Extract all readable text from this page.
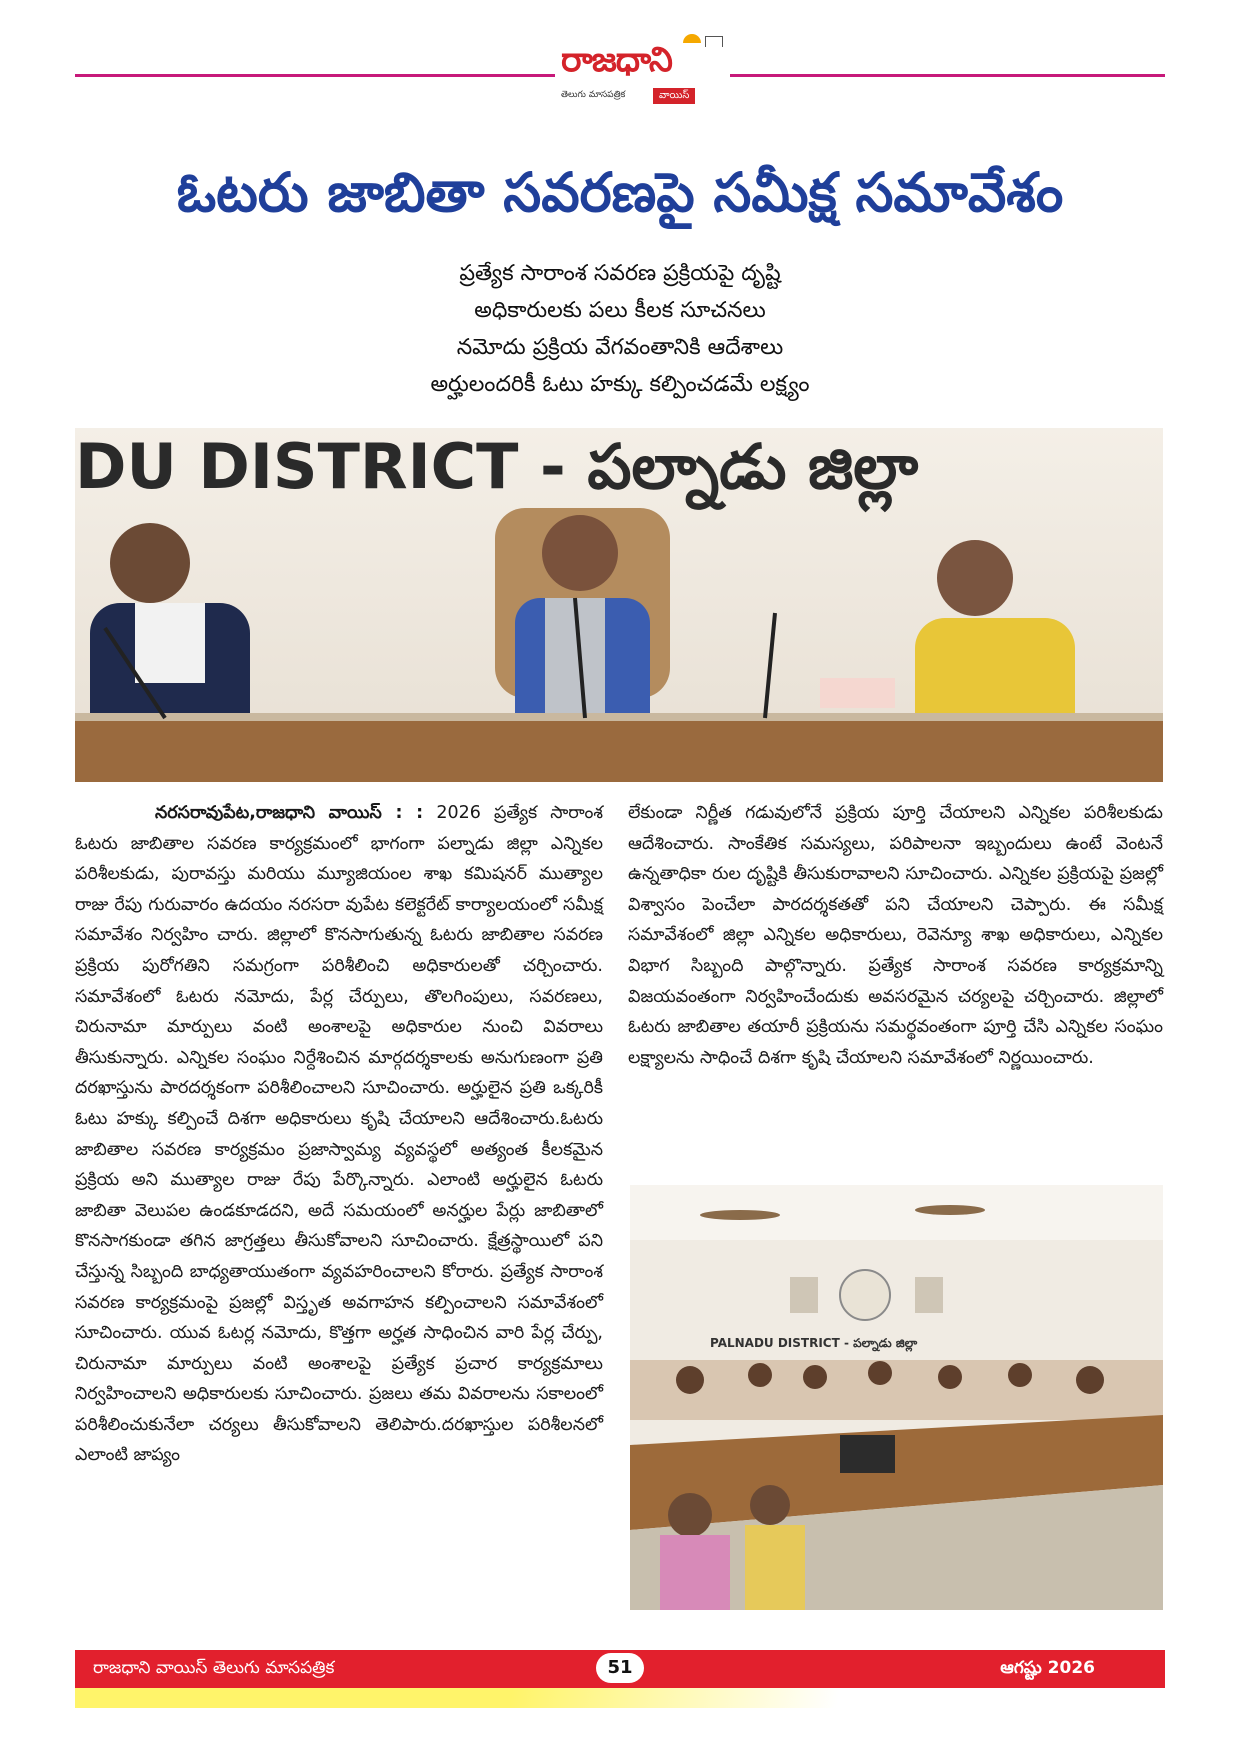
రాజధాని
తెలుగు మాసపత్రిక	వాయిస్
ఓటరు జాబితా సవరణపై సమీక్ష సమావేశం
ప్రత్యేక సారాంశ సవరణ ప్రక్రియపై దృష్టి
అధికారులకు పలు కీలక సూచనలు
నమోదు ప్రక్రియ వేగవంతానికి ఆదేశాలు
అర్హులందరికీ ఓటు హక్కు కల్పించడమే లక్ష్యం
DU DISTRICT - పల్నాడు జిల్లా
నరసరావుపేట,రాజధాని వాయిస్ : : 2026 ప్రత్యేక సారాంశ ఓటరు జాబితాల సవరణ కార్యక్రమంలో భాగంగా పల్నాడు జిల్లా ఎన్నికల పరిశీలకుడు, పురావస్తు మరియు మ్యూజియంల శాఖ కమిషనర్ ముత్యాల రాజు రేపు గురువారం ఉదయం నరసరా వుపేట కలెక్టరేట్ కార్యాలయంలో సమీక్ష సమావేశం నిర్వహిం చారు. జిల్లాలో కొనసాగుతున్న ఓటరు జాబితాల సవరణ ప్రక్రియ పురోగతిని సమగ్రంగా పరిశీలించి అధికారులతో చర్చించారు. సమావేశంలో ఓటరు నమోదు, పేర్ల చేర్పులు, తొలగింపులు, సవరణలు, చిరునామా మార్పులు వంటి అంశాలపై అధికారుల నుంచి వివరాలు తీసుకున్నారు. ఎన్నికల సంఘం నిర్దేశించిన మార్గదర్శకాలకు అనుగుణంగా ప్రతి దరఖాస్తును పారదర్శకంగా పరిశీలించాలని సూచించారు. అర్హులైన ప్రతి ఒక్కరికీ ఓటు హక్కు కల్పించే దిశగా అధికారులు కృషి చేయాలని ఆదేశించారు.ఓటరు జాబితాల సవరణ కార్యక్రమం ప్రజాస్వామ్య వ్యవస్థలో అత్యంత కీలకమైన ప్రక్రియ అని ముత్యాల రాజు రేపు పేర్కొన్నారు. ఎలాంటి అర్హులైన ఓటరు జాబితా వెలుపల ఉండకూడదని, అదే సమయంలో అనర్హుల పేర్లు జాబితాలో కొనసాగకుండా తగిన జాగ్రత్తలు తీసుకోవాలని సూచించారు. క్షేత్రస్థాయిలో పని చేస్తున్న సిబ్బంది బాధ్యతాయుతంగా వ్యవహరించాలని కోరారు. ప్రత్యేక సారాంశ సవరణ కార్యక్రమంపై ప్రజల్లో విస్తృత అవగాహన కల్పించాలని సమావేశంలో సూచించారు. యువ ఓటర్ల నమోదు, కొత్తగా అర్హత సాధించిన వారి పేర్ల చేర్పు, చిరునామా మార్పులు వంటి అంశాలపై ప్రత్యేక ప్రచార కార్యక్రమాలు నిర్వహించాలని అధికారులకు సూచించారు. ప్రజలు తమ వివరాలను సకాలంలో పరిశీలించుకునేలా చర్యలు తీసుకోవాలని తెలిపారు.దరఖాస్తుల పరిశీలనలో ఎలాంటి జాప్యం
లేకుండా నిర్ణీత గడువులోనే ప్రక్రియ పూర్తి చేయాలని ఎన్నికల పరిశీలకుడు ఆదేశించారు. సాంకేతిక సమస్యలు, పరిపాలనా ఇబ్బందులు ఉంటే వెంటనే ఉన్నతాధికా రుల దృష్టికి తీసుకురావాలని సూచించారు. ఎన్నికల ప్రక్రియపై ప్రజల్లో విశ్వాసం పెంచేలా పారదర్శకతతో పని చేయాలని చెప్పారు. ఈ సమీక్ష సమావేశంలో జిల్లా ఎన్నికల అధికారులు, రెవెన్యూ శాఖ అధికారులు, ఎన్నికల విభాగ సిబ్బంది పాల్గొన్నారు. ప్రత్యేక సారాంశ సవరణ కార్యక్రమాన్ని విజయవంతంగా నిర్వహించేందుకు అవసరమైన చర్యలపై చర్చించారు. జిల్లాలో ఓటరు జాబితాల తయారీ ప్రక్రియను సమర్థవంతంగా పూర్తి చేసి ఎన్నికల సంఘం లక్ష్యాలను సాధించే దిశగా కృషి చేయాలని సమావేశంలో నిర్ణయించారు.
PALNADU DISTRICT - పల్నాడు జిల్లా
రాజధాని వాయిస్ తెలుగు మాసపత్రిక	51	ఆగష్టు 2026
